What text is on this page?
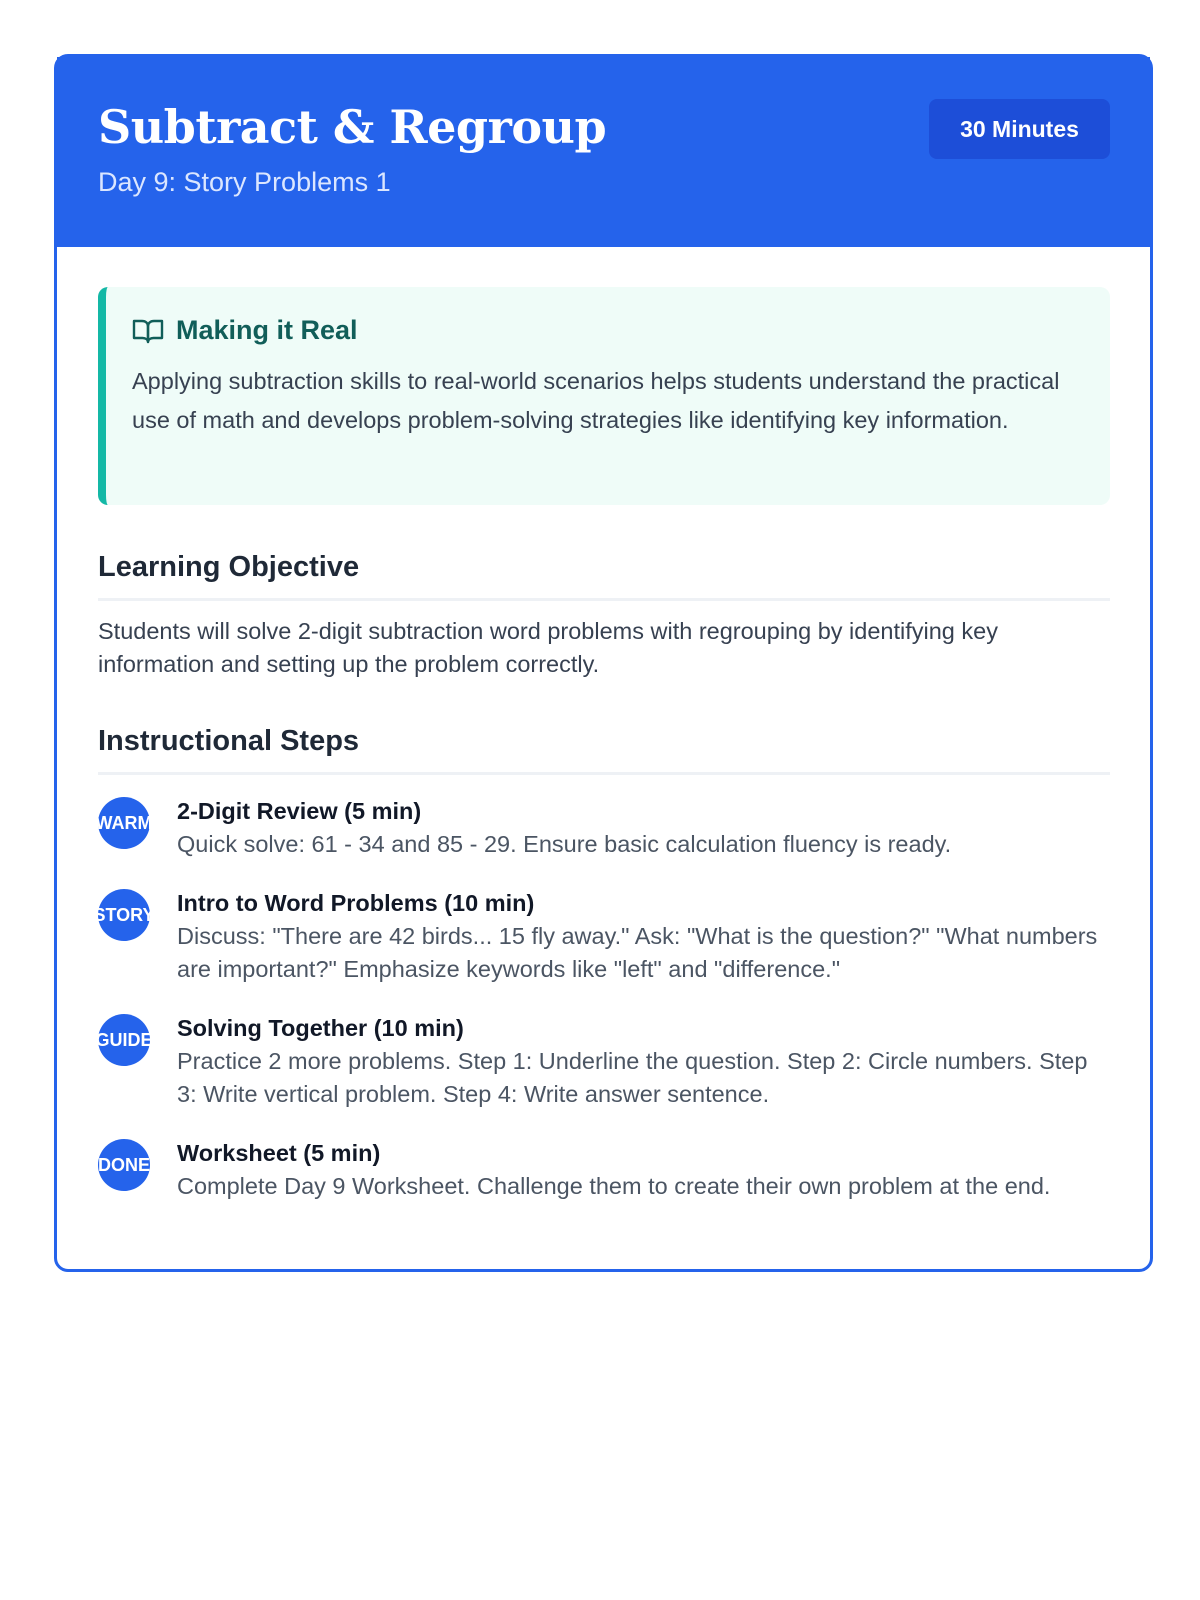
Subtract & Regroup
Day 9: Story Problems 1
30 Minutes
Making it Real

Applying subtraction skills to real-world scenarios helps students understand the practical use of math and develops problem-solving strategies like identifying key information.

Learning Objective

Students will solve 2-digit subtraction word problems with regrouping by identifying key information and setting up the problem correctly.

Instructional Steps
WARM 2-Digit Review (5 min)
Quick solve: 61 - 34 and 85 - 29. Ensure basic calculation fluency is ready.
STORY Intro to Word Problems (10 min)
Discuss: "There are 42 birds... 15 fly away." Ask: "What is the question?" "What numbers are important?" Emphasize keywords like "left" and "difference."
GUIDE Solving Together (10 min)
Practice 2 more problems. Step 1: Underline the question. Step 2: Circle numbers. Step 3: Write vertical problem. Step 4: Write answer sentence.
DONE Worksheet (5 min)
Complete Day 9 Worksheet. Challenge them to create their own problem at the end.
